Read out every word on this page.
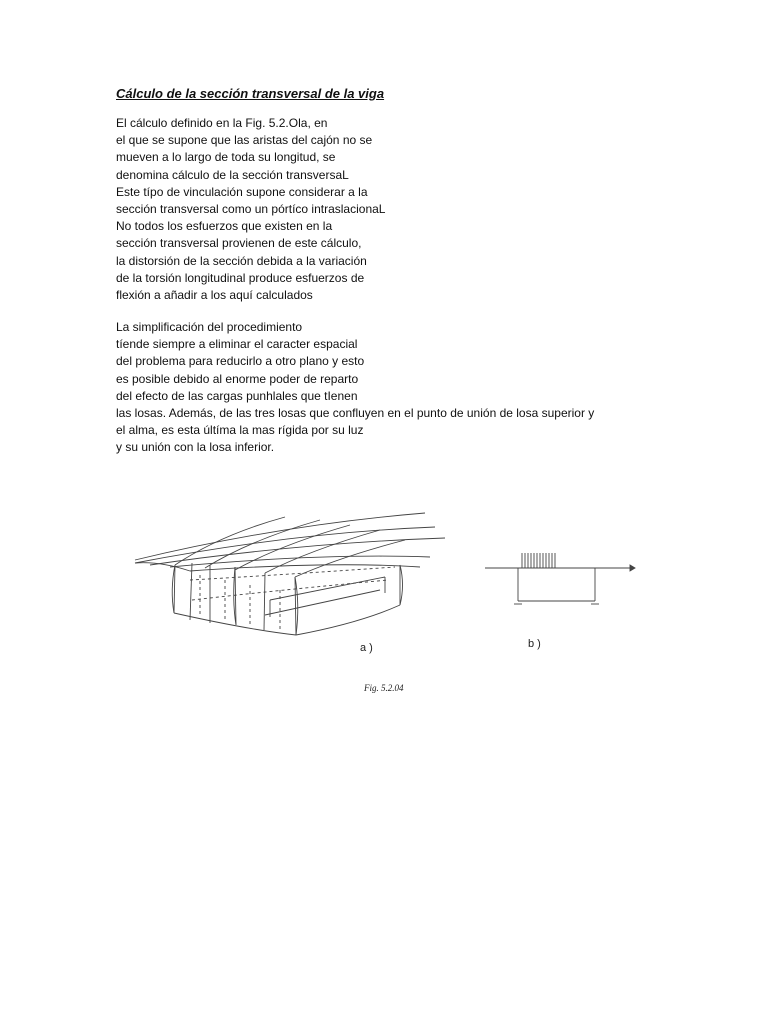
Cálculo de la sección transversal de la viga
El cálculo definido en la Fig. 5.2.Ola, en
el que se supone que las aristas del cajón no se
mueven a lo largo de toda su longitud, se
denomina cálculo de la sección transversaL
Este típo de vinculación supone considerar a la
sección transversal como un pórtíco intraslacionaL
No todos los esfuerzos que existen en la
sección transversal provienen de este cálculo,
la distorsión de la sección debida a la variación
de la torsión longitudinal produce esfuerzos de
flexión a añadir a los aquí calculados
La simplificación del procedimiento
tíende siempre a eliminar el caracter espacial
del problema para reducirlo a otro plano y esto
es posible debido al enorme poder de reparto
del efecto de las cargas punhlales que tIenen
las losas. Además, de las tres losas que confluyen en el punto de unión de losa superior y
el alma, es esta últíma la mas rígida por su luz
y su unión con la losa inferior.
a )	b )
Fig. 5.2.04
